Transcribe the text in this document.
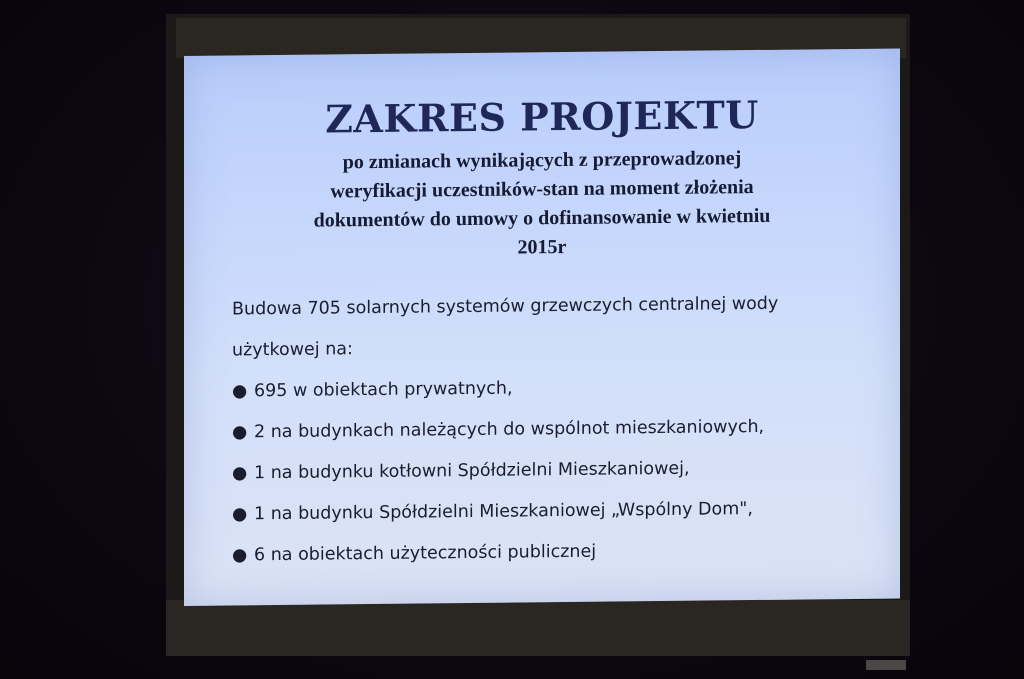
ZAKRES PROJEKTU
po zmianach wynikających z przeprowadzonej
weryfikacji uczestników-stan na moment złożenia
dokumentów do umowy o dofinansowanie w kwietniu
2015r

Budowa 705 solarnych systemów grzewczych centralnej wody

użytkowej na:

● 695 w obiektach prywatnych,
● 2 na budynkach należących do wspólnot mieszkaniowych,
● 1 na budynku kotłowni Spółdzielni Mieszkaniowej,
● 1 na budynku Spółdzielni Mieszkaniowej „Wspólny Dom",
● 6 na obiektach użyteczności publicznej
